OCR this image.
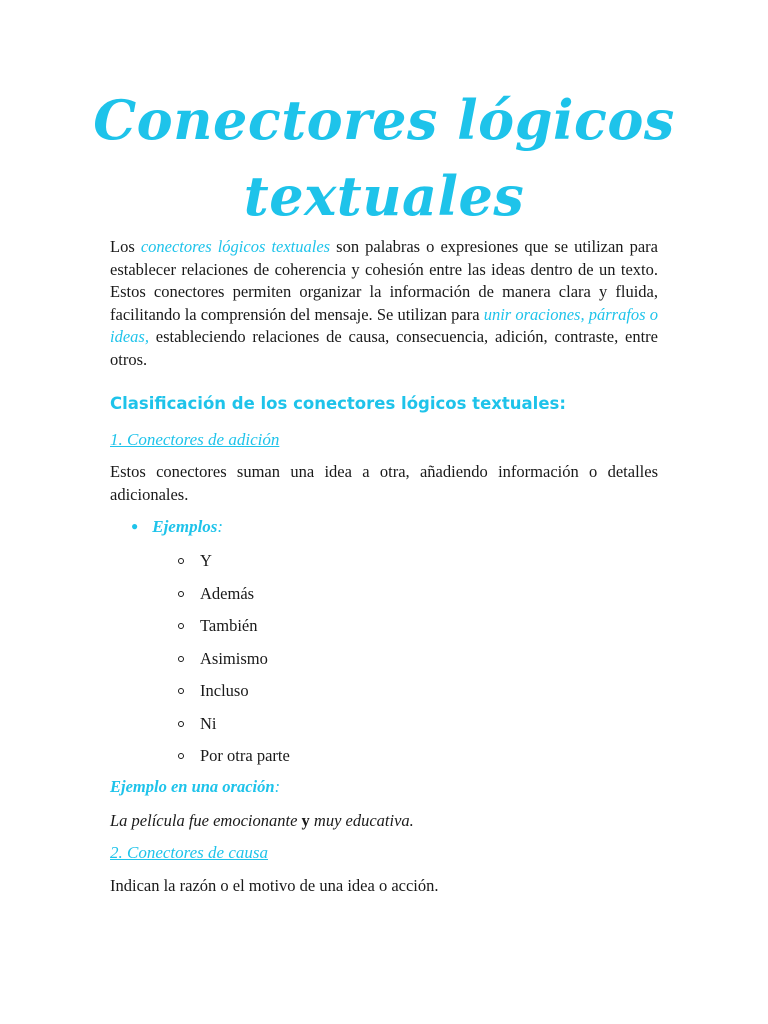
Conectores lógicos
textuales

Los conectores lógicos textuales son palabras o expresiones que se utilizan para establecer relaciones de coherencia y cohesión entre las ideas dentro de un texto. Estos conectores permiten organizar la información de manera clara y fluida, facilitando la comprensión del mensaje. Se utilizan para unir oraciones, párrafos o ideas, estableciendo relaciones de causa, consecuencia, adición, contraste, entre otros.

Clasificación de los conectores lógicos textuales:
1. Conectores de adición

Estos conectores suman una idea a otra, añadiendo información o detalles adicionales.

● Ejemplos:
Y
Además
También
Asimismo
Incluso
Ni
Por otra parte
Ejemplo en una oración:
La película fue emocionante y muy educativa.
2. Conectores de causa

Indican la razón o el motivo de una idea o acción.
